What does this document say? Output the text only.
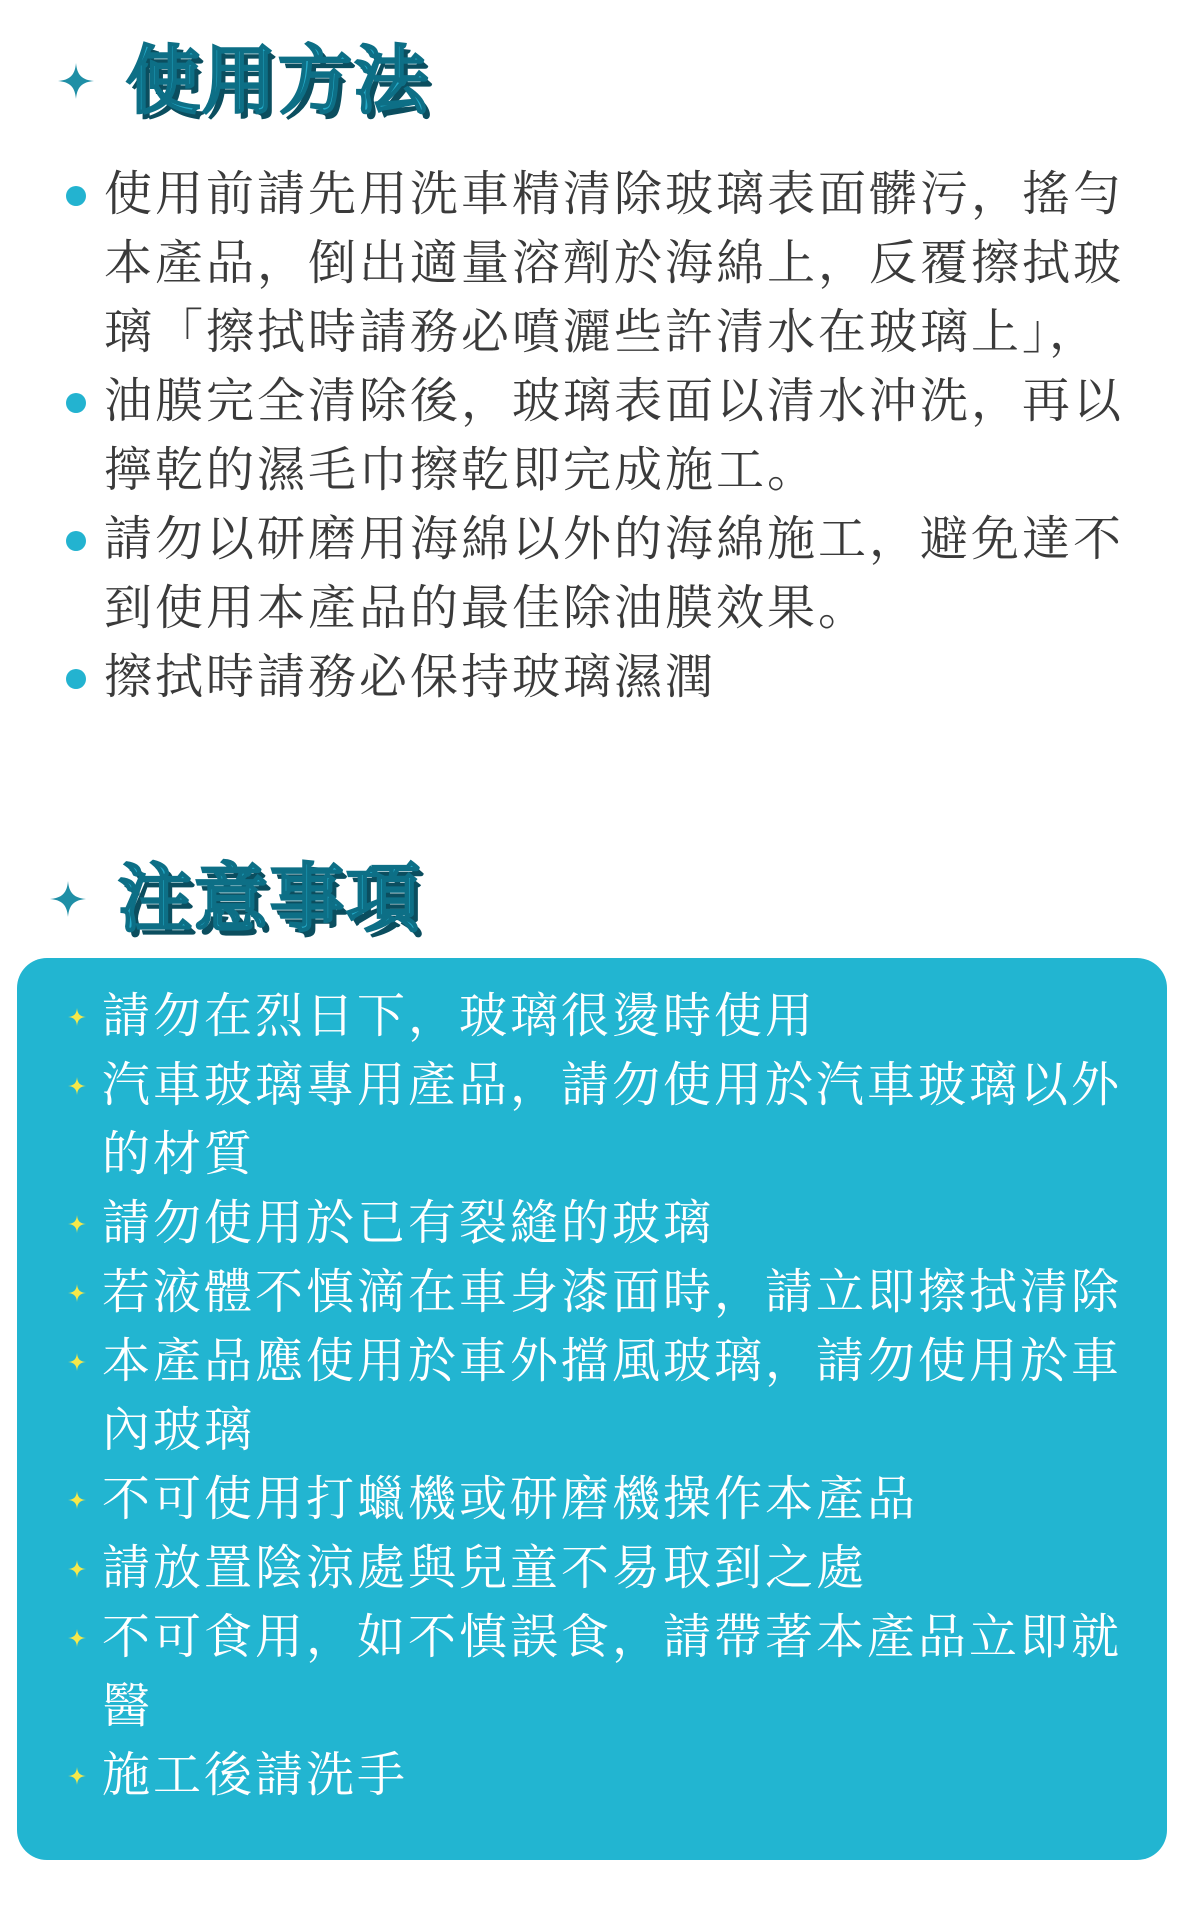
使用方法
使用前請先用洗車精清除玻璃表面髒污，搖勻本產品，倒出適量溶劑於海綿上，反覆擦拭玻璃「擦拭時請務必噴灑些許清水在玻璃上」，
油膜完全清除後，玻璃表面以清水沖洗，再以擰乾的濕毛巾擦乾即完成施工。
請勿以研磨用海綿以外的海綿施工，避免達不到使用本產品的最佳除油膜效果。
擦拭時請務必保持玻璃濕潤
注意事項
請勿在烈日下，玻璃很燙時使用
汽車玻璃專用產品，請勿使用於汽車玻璃以外的材質
請勿使用於已有裂縫的玻璃
若液體不慎滴在車身漆面時，請立即擦拭清除
本產品應使用於車外擋風玻璃，請勿使用於車內玻璃
不可使用打蠟機或研磨機操作本產品
請放置陰涼處與兒童不易取到之處
不可食用，如不慎誤食，請帶著本產品立即就醫
施工後請洗手
